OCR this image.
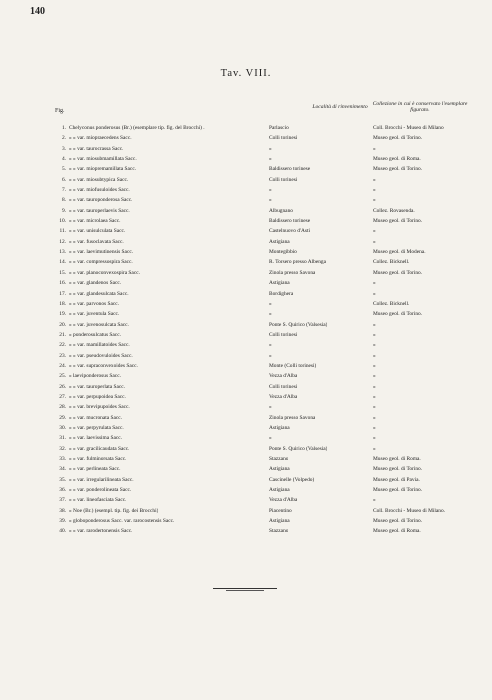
140
Tav. VIII.
Fig.
Località di rinvenimento Collezione in cui è conservato l'esemplare figurato.
1. Chelyconus ponderosus (Br.) (esemplare tip. fig. del Brocchi) .	Parlascio	Coll. Brocchi - Museo di Milano
2. » » var. miopraecedens Sacc.	Colli torinesi	Museo geol. di Torino.
3. » » var. taurocrassa Sacc.	»	»
4. » » var. miosubmamillata Sacc.	»	Museo geol. di Roma.
5. » » var. miopremamillata Sacc.	Baldissero torinese	Museo geol. di Torino.
6. » » var. miosubtypica Sacc.	Colli torinesi	»
7. » » var. miofusuloides Sacc.	»	»
8. » » var. tauroponderosa Sacc.	»	»
9. » » var. tauroperlaevis Sacc.	Albugnano	Collez. Rovasenda.
10. » » var. microlaea Sacc.	Baldissero torinese	Museo geol. di Torino.
11. » » var. unisulculata Sacc.	Castelnuovo d'Asti	»
12. » » var. fusoclavata Sacc.	Astigiana	»
13. » » var. laevimutinensis Sacc.	Montegibbio	Museo geol. di Modena.
14. » » var. compressospira Sacc.	R. Torsero presso Albenga	Collez. Bicknell.
15. » » var. planoconvexospira Sacc.	Zinola presso Savona	Museo geol. di Torino.
16. » » var. glandenos Sacc.	Astigiana	»
17. » » var. glandesulcata Sacc.	Bordighera	»
18. » » var. parvonos Sacc.	»	Collez. Bicknell.
19. » » var. juventula Sacc.	»	Museo geol. di Torino.
20. » » var. juvenosulcata Sacc.	Ponte S. Quirico (Valsesia)	»
21. » ponderosulcatus Sacc.	Colli torinesi	»
22. » » var. mamillatoides Sacc.	»	»
23. » » var. pseudovuloides Sacc.	»	»
24. » » var. supraconvexoides Sacc.	Monte (Colli torinesi)	»
25. » laeviponderosus Sacc.	Vezza d'Alba	»
26. » » var. tauroperlata Sacc.	Colli torinesi	»
27. » » var. perpupoidea Sacc.	Vezza d'Alba	»
28. » » var. brevipupoides Sacc.	»	»
29. » » var. mucronata Sacc.	Zinola presso Savona	»
30. » » var. perpyrulata Sacc.	Astigiana	»
31. » » var. laevissima Sacc.	»	»
32. » » var. gracilicaudata Sacc.	Ponte S. Quirico (Valsesia)	»
33. » » var. fulminorsata Sacc.	Stazzano	Museo geol. di Roma.
34. » » var. perlineata Sacc.	Astigiana	Museo geol. di Torino.
35. » » var. irregularilineata Sacc.	Cascinelle (Volpedo)	Museo geol. di Pavia.
36. » » var. ponderolineata Sacc.	Astigiana	Museo geol. di Torino.
37. » » var. lineofasciata Sacc.	Vezza d'Alba	»
38. » Noe (Br.) (esempl. tip. fig. dei Brocchi)	Piacentino	Coll. Brocchi - Museo di Milano.
39. » globoponderosus Sacc. var. rarocostensis Sacc.	Astigiana	Museo geol. di Torino.
40. » » var. rarodertonensis Sacc.	Stazzano	Museo geol. di Roma.
